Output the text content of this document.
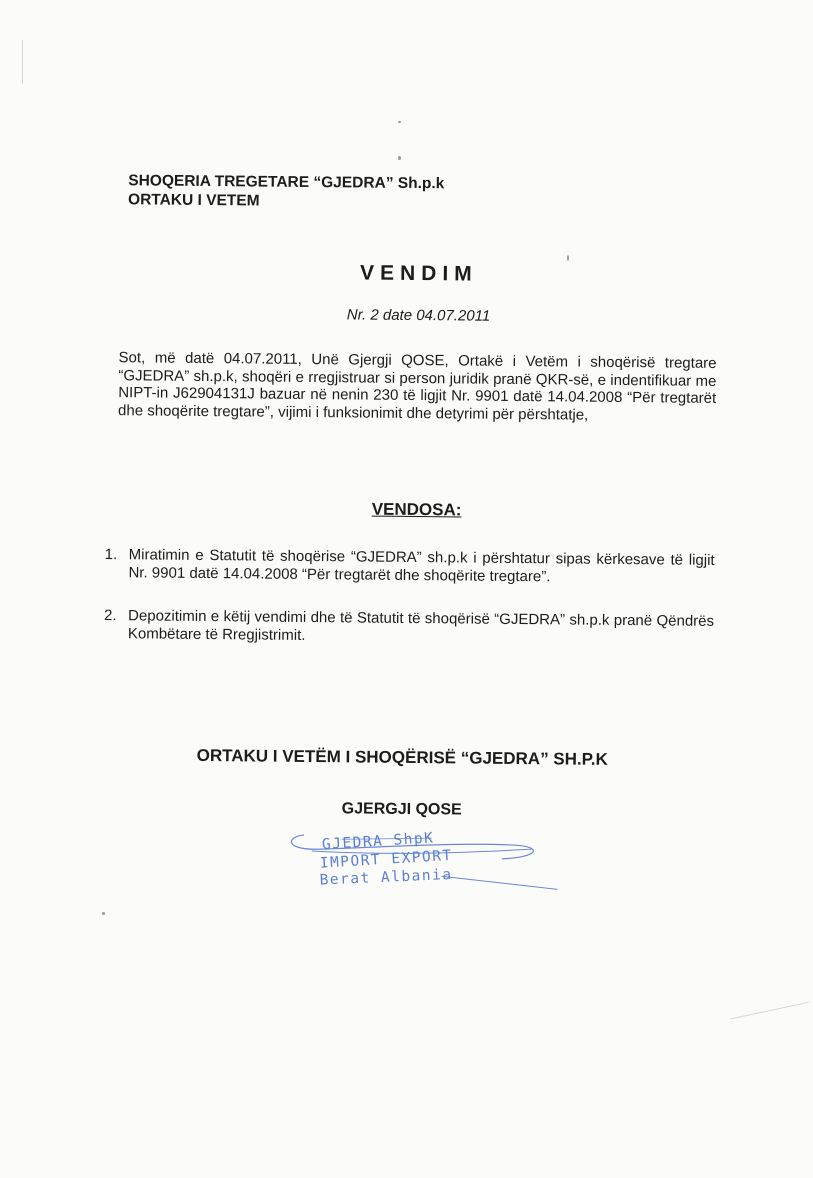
SHOQERIA TREGETARE “GJEDRA” Sh.p.k
ORTAKU I VETEM
VENDIM
Nr. 2 date 04.07.2011
Sot, më datë 04.07.2011, Unë Gjergji QOSE, Ortakë i Vetëm i shoqërisë tregtare “GJEDRA” sh.p.k, shoqëri e rregjistruar si person juridik pranë QKR-së, e indentifikuar me NIPT-in J62904131J bazuar në nenin 230 të ligjit Nr. 9901 datë 14.04.2008 “Për tregtarët dhe shoqërite tregtare”, vijimi i funksionimit dhe detyrimi për përshtatje,
VENDOSA:
1. Miratimin e Statutit të shoqërise “GJEDRA” sh.p.k i përshtatur sipas kërkesave të ligjit Nr. 9901 datë 14.04.2008 “Për tregtarët dhe shoqërite tregtare”.
2. Depozitimin e këtij vendimi dhe të Statutit të shoqërisë “GJEDRA” sh.p.k pranë Qëndrës Kombëtare të Rregjistrimit.
ORTAKU I VETËM I SHOQËRISË “GJEDRA” SH.P.K
GJERGJI QOSE
GJEDRA ShpK
IMPORT EXPORT
Berat Albania
